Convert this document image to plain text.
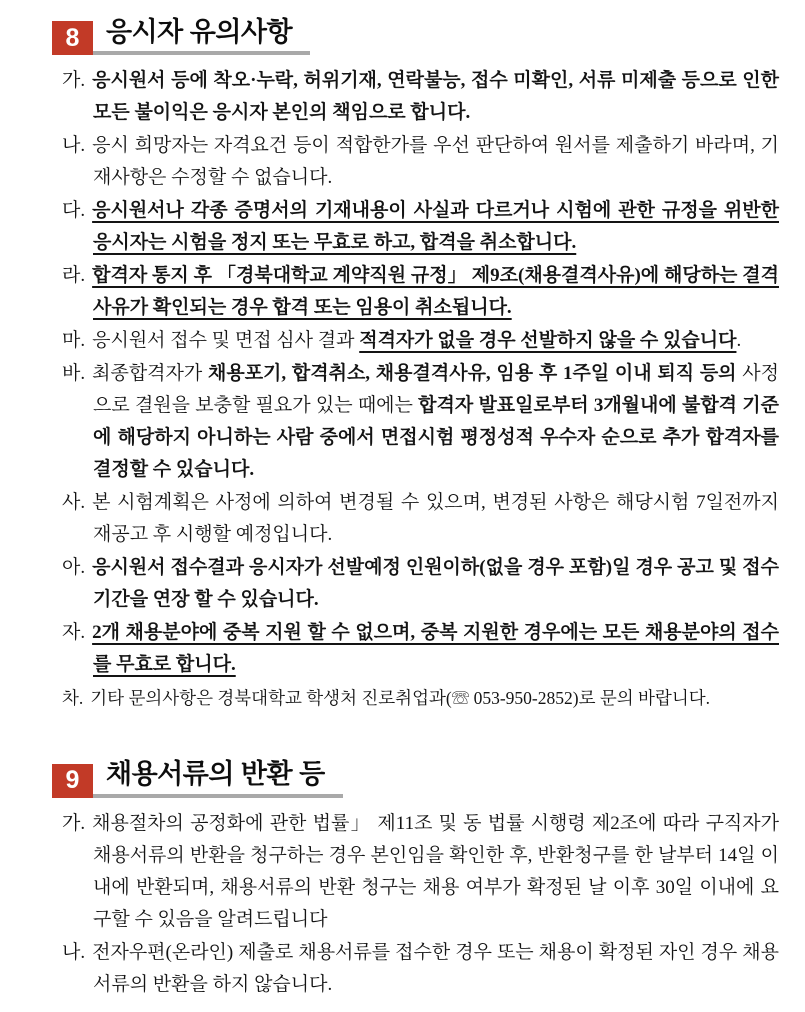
8 응시자 유의사항
가. 응시원서 등에 착오·누락, 허위기재, 연락불능, 접수 미확인, 서류 미제출 등으로 인한 모든 불이익은 응시자 본인의 책임으로 합니다.
나. 응시 희망자는 자격요건 등이 적합한가를 우선 판단하여 원서를 제출하기 바라며, 기재사항은 수정할 수 없습니다.
다. 응시원서나 각종 증명서의 기재내용이 사실과 다르거나 시험에 관한 규정을 위반한 응시자는 시험을 정지 또는 무효로 하고, 합격을 취소합니다.
라. 합격자 통지 후 「경북대학교 계약직원 규정」 제9조(채용결격사유)에 해당하는 결격 사유가 확인되는 경우 합격 또는 임용이 취소됩니다.
마. 응시원서 접수 및 면접 심사 결과 적격자가 없을 경우 선발하지 않을 수 있습니다.
바. 최종합격자가 채용포기, 합격취소, 채용결격사유, 임용 후 1주일 이내 퇴직 등의 사정으로 결원을 보충할 필요가 있는 때에는 합격자 발표일로부터 3개월내에 불합격 기준에 해당하지 아니하는 사람 중에서 면접시험 평정성적 우수자 순으로 추가 합격자를 결정할 수 있습니다.
사. 본 시험계획은 사정에 의하여 변경될 수 있으며, 변경된 사항은 해당시험 7일전까지 재공고 후 시행할 예정입니다.
아. 응시원서 접수결과 응시자가 선발예정 인원이하(없을 경우 포함)일 경우 공고 및 접수기간을 연장 할 수 있습니다.
자. 2개 채용분야에 중복 지원 할 수 없으며, 중복 지원한 경우에는 모든 채용분야의 접수를 무효로 합니다.
차. 기타 문의사항은 경북대학교 학생처 진로취업과(☏ 053-950-2852)로 문의 바랍니다.
9 채용서류의 반환 등
가. 채용절차의 공정화에 관한 법률」 제11조 및 동 법률 시행령 제2조에 따라 구직자가 채용서류의 반환을 청구하는 경우 본인임을 확인한 후, 반환청구를 한 날부터 14일 이내에 반환되며, 채용서류의 반환 청구는 채용 여부가 확정된 날 이후 30일 이내에 요구할 수 있음을 알려드립니다
나. 전자우편(온라인) 제출로 채용서류를 접수한 경우 또는 채용이 확정된 자인 경우 채용 서류의 반환을 하지 않습니다.
